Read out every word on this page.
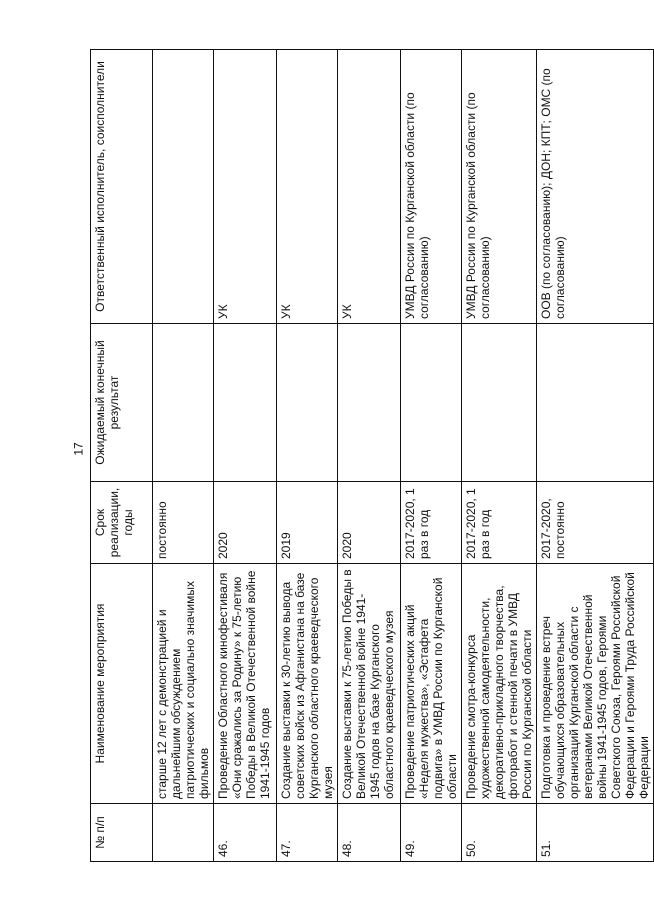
17
№ п/п	Наименование мероприятия	Срок реализации, годы	Ожидаемый конечный результат	Ответственный исполнитель, соисполнители
	старше 12 лет с демонстрацией и дальнейшим обсуждением патриотических и социально значимых фильмов	постоянно		
46.	Проведение Областного кинофестиваля «Они сражались за Родину» к 75-летию Победы в Великой Отечественной войне 1941-1945 годов	2020		УК
47.	Создание выставки к 30-летию вывода советских войск из Афганистана на базе Курганского областного краеведческого музея	2019		УК
48.	Создание выставки к 75-летию Победы в Великой Отечественной войне 1941-1945 годов на базе Курганского областного краеведческого музея	2020		УК
49.	Проведение патриотических акций «Неделя мужества», «Эстафета подвига» в УМВД России по Курганской области	2017-2020, 1 раз в год		УМВД России по Курганской области (по согласованию)
50.	Проведение смотра-конкурса художественной самодеятельности, декоративно-прикладного творчества, фоторабот и стенной печати в УМВД России по Курганской области	2017-2020, 1 раз в год		УМВД России по Курганской области (по согласованию)
51.	Подготовка и проведение встреч обучающихся образовательных организаций Курганской области с ветеранами Великой Отечественной войны 1941-1945 годов, Героями Советского Союза, Героями Российской Федерации и Героями Труда Российской Федерации	2017-2020, постоянно		ООВ (по согласованию); ДОН; КПТ; ОМС (по согласованию)
